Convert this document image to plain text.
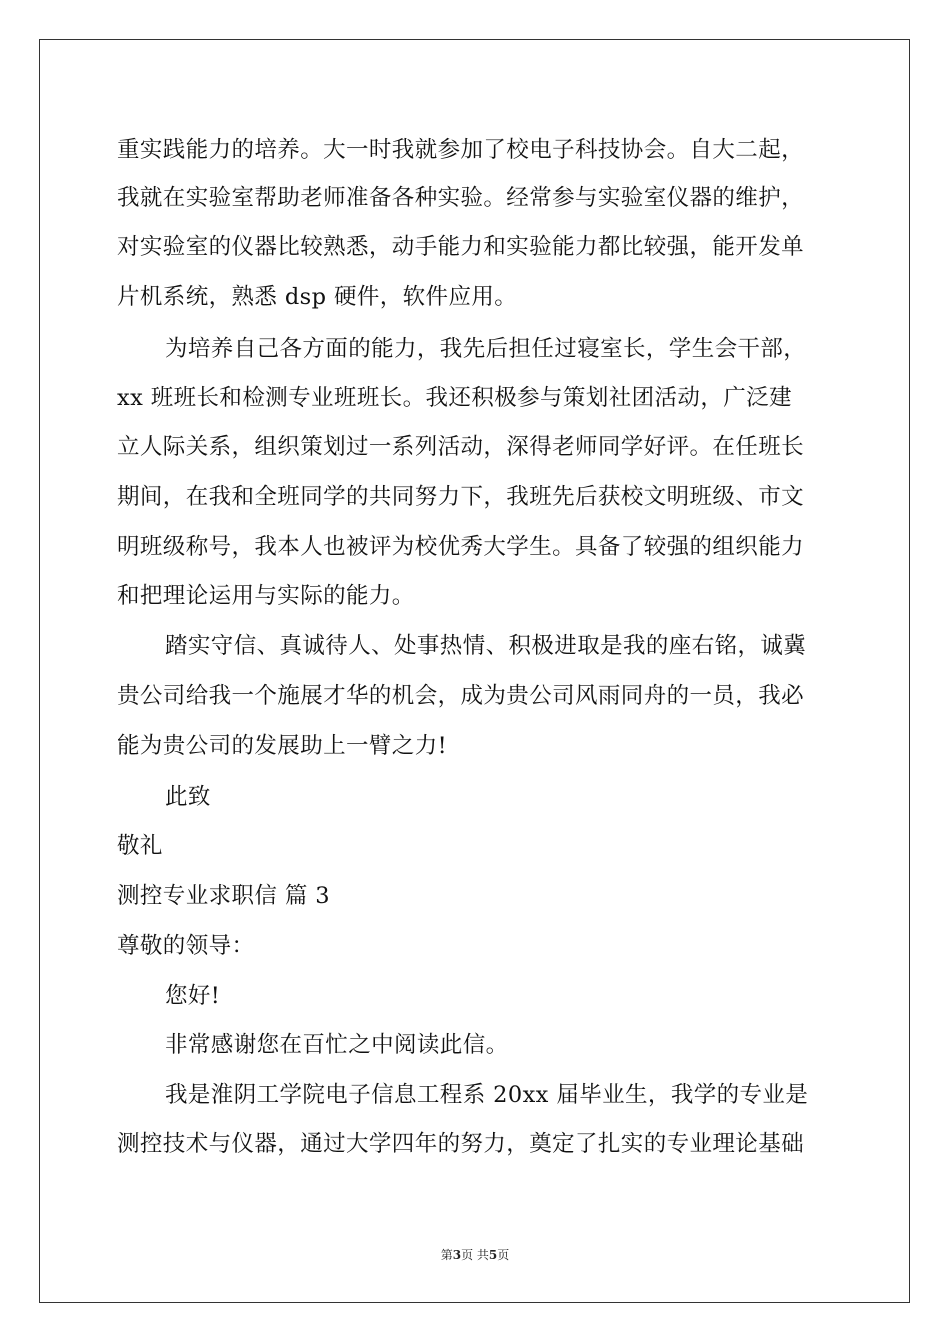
重实践能力的培养。大一时我就参加了校电子科技协会。自大二起，
我就在实验室帮助老师准备各种实验。经常参与实验室仪器的维护，
对实验室的仪器比较熟悉，动手能力和实验能力都比较强，能开发单
片机系统，熟悉 dsp 硬件，软件应用。
为培养自己各方面的能力，我先后担任过寝室长，学生会干部，
xx 班班长和检测专业班班长。我还积极参与策划社团活动，广泛建
立人际关系，组织策划过一系列活动，深得老师同学好评。在任班长
期间，在我和全班同学的共同努力下，我班先后获校文明班级、市文
明班级称号，我本人也被评为校优秀大学生。具备了较强的组织能力
和把理论运用与实际的能力。
踏实守信、真诚待人、处事热情、积极进取是我的座右铭，诚冀
贵公司给我一个施展才华的机会，成为贵公司风雨同舟的一员，我必
能为贵公司的发展助上一臂之力!
此致
敬礼
测控专业求职信 篇 3
尊敬的领导：
您好!
非常感谢您在百忙之中阅读此信。
我是淮阴工学院电子信息工程系 20xx 届毕业生，我学的专业是
测控技术与仪器，通过大学四年的努力，奠定了扎实的专业理论基础
第3页 共5页
